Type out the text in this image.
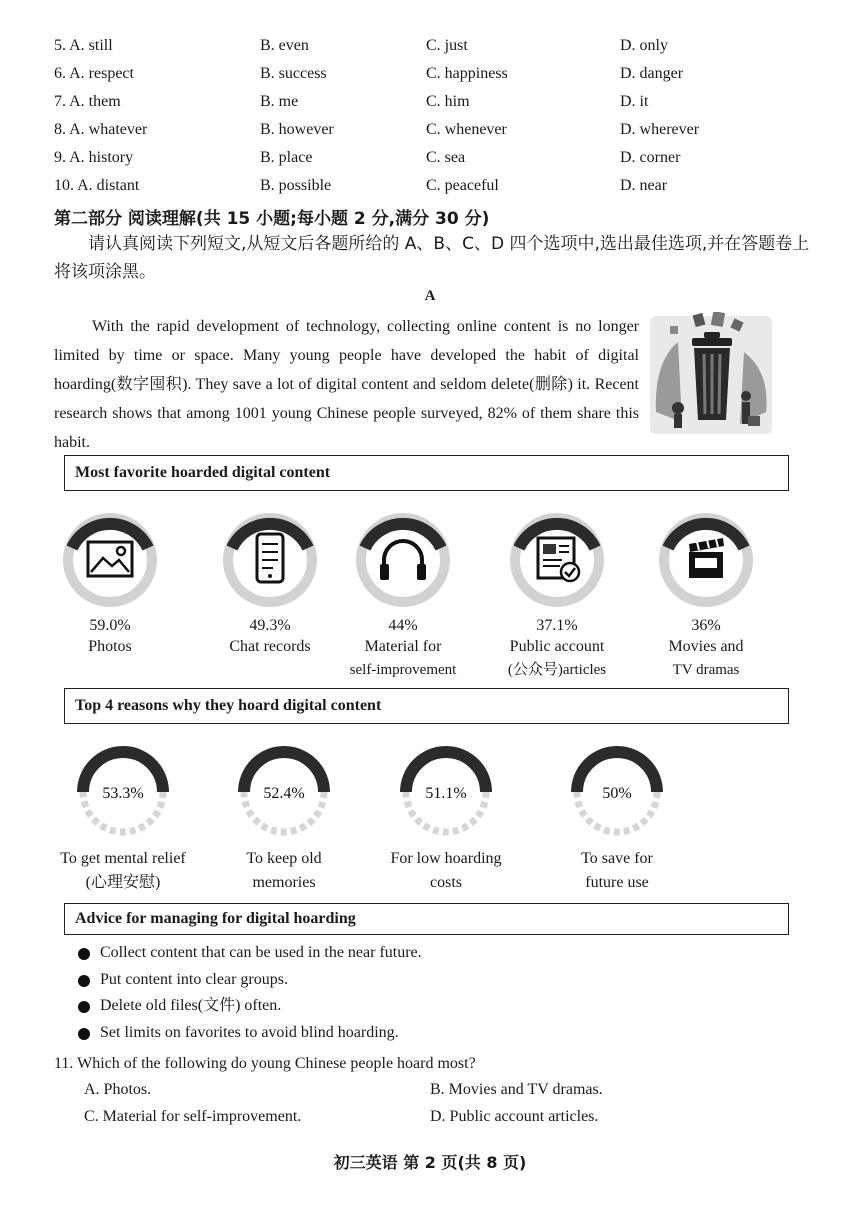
5. A. still	B. even	C. just	D. only
6. A. respect	B. success	C. happiness	D. danger
7. A. them	B. me	C. him	D. it
8. A. whatever	B. however	C. whenever	D. wherever
9. A. history	B. place	C. sea	D. corner
10. A. distant	B. possible	C. peaceful	D. near
第二部分 阅读理解(共 15 小题;每小题 2 分,满分 30 分)
请认真阅读下列短文,从短文后各题所给的 A、B、C、D 四个选项中,选出最佳选项,并在答题卷上将该项涂黑。
A
With the rapid development of technology, collecting online content is no longer limited by time or space. Many young people have developed the habit of digital hoarding(数字囤积). They save a lot of digital content and seldom delete(删除) it. Recent research shows that among 1001 young Chinese people surveyed, 82% of them share this habit.
Most favorite hoarded digital content
59.0%
Photos
49.3%
Chat records
44%
Material for
self-improvement
37.1%
Public account
(公众号)articles
36%
Movies and
TV dramas
Top 4 reasons why they hoard digital content
53.3%
To get mental relief
(心理安慰)
52.4%
To keep old
memories
51.1%
For low hoarding
costs
50%
To save for
future use
Advice for managing for digital hoarding
Collect content that can be used in the near future.
Put content into clear groups.
Delete old files(文件) often.
Set limits on favorites to avoid blind hoarding.
11. Which of the following do young Chinese people hoard most?
A. Photos.	B. Movies and TV dramas.
C. Material for self-improvement.	D. Public account articles.
初三英语 第 2 页(共 8 页)
